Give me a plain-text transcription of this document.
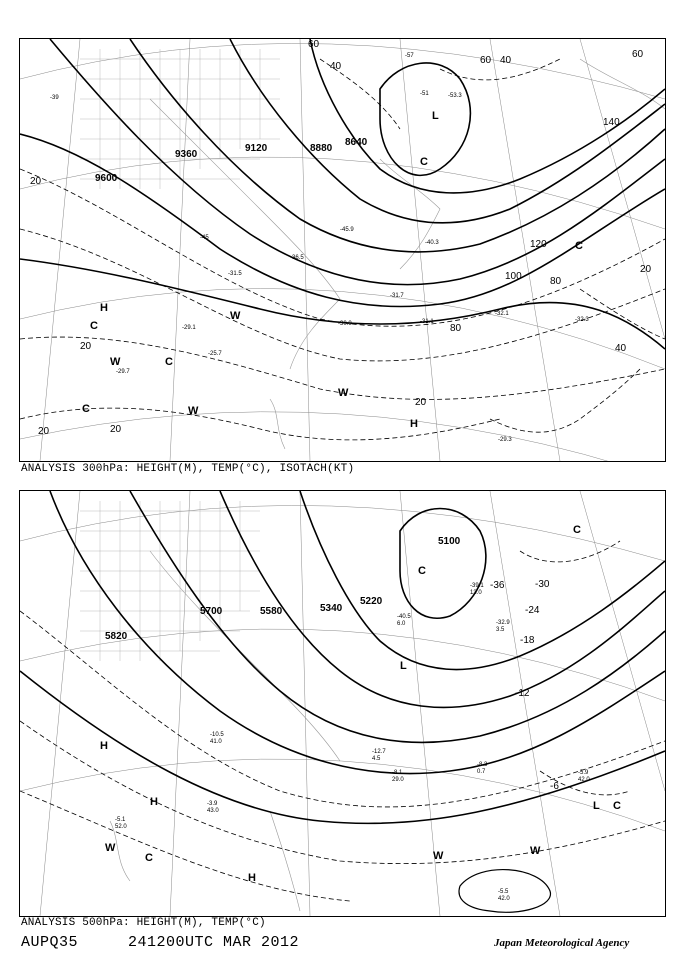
9600
9360
9120	8880
8640
20
20
20	20
40
60
60 40
80
100
120
140
80
60
40
20
20
H
H
L
C
C
C
W
W
W
W
C
C
-39
-45
-51
-57
-53.3
-45.9
-40.3
-36.5
-31.5
-31.7
-29.1
-32.1
-32.3
-29.3
-29.7
-30.9	-31.1
-25.7
ANALYSIS 300hPa: HEIGHT(M), TEMP(°C), ISOTACH(KT)
5820
5700	5580	5340
5220
5100
-36	-30
-24
-18
-12
-6
H
H
H
L
L
C
C
C
C
W
W	W
-39.1
13.0
-40.5
6.0	-32.9
3.5
-8.3
0.7	-5.9
42.0
-5.5
42.0
-5.1
52.0
-10.5
41.0
-12.7
4.5
-8.1
29.0
-3.9
43.0
ANALYSIS 500hPa: HEIGHT(M), TEMP(°C)
AUPQ35	241200UTC MAR 2012	Japan Meteorological Agency
